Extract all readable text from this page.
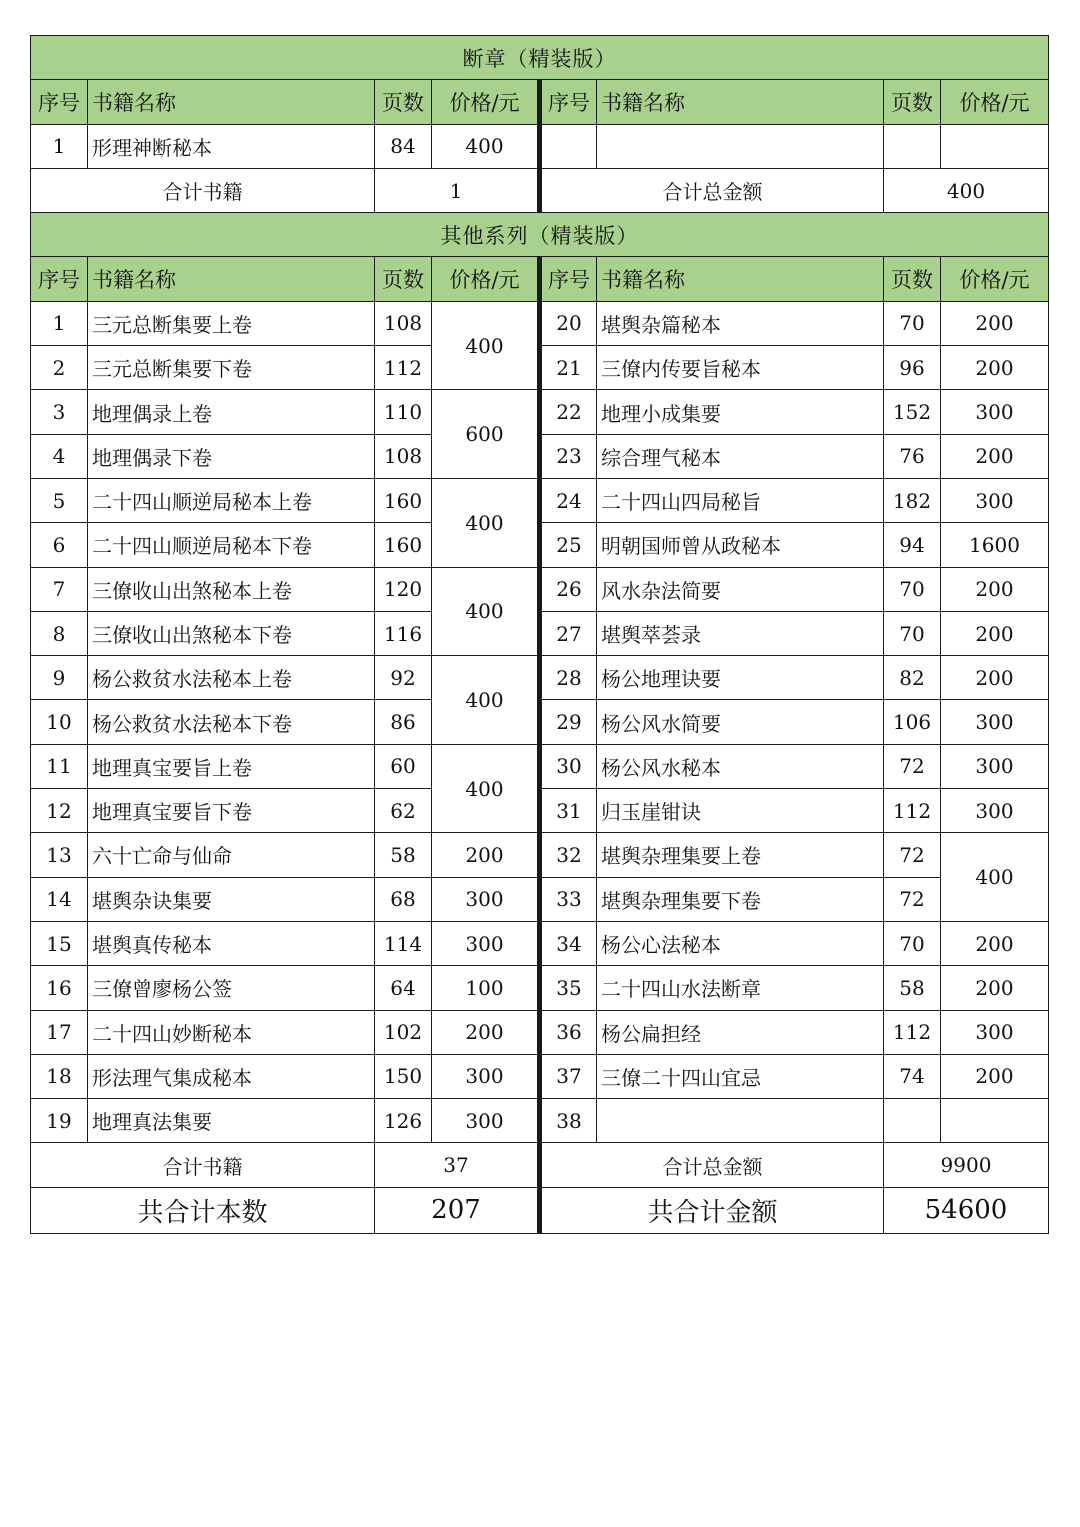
断章（精装版）							
序号	书籍名称	页数	价格/元	序号	书籍名称	页数	价格/元
1	形理神断秘本	84	400				
合计书籍		1		合计总金额		400	
其他系列（精装版）							
序号	书籍名称	页数	价格/元	序号	书籍名称	页数	价格/元
1	三元总断集要上卷	108	400	20	堪舆杂篇秘本	70	200
2	三元总断集要下卷	112		21	三僚内传要旨秘本	96	200
3	地理偶录上卷	110	600	22	地理小成集要	152	300
4	地理偶录下卷	108		23	综合理气秘本	76	200
5	二十四山顺逆局秘本上卷	160	400	24	二十四山四局秘旨	182	300
6	二十四山顺逆局秘本下卷	160		25	明朝国师曾从政秘本	94	1600
7	三僚收山出煞秘本上卷	120	400	26	风水杂法简要	70	200
8	三僚收山出煞秘本下卷	116		27	堪舆萃荟录	70	200
9	杨公救贫水法秘本上卷	92	400	28	杨公地理诀要	82	200
10	杨公救贫水法秘本下卷	86		29	杨公风水简要	106	300
11	地理真宝要旨上卷	60	400	30	杨公风水秘本	72	300
12	地理真宝要旨下卷	62		31	归玉崖钳诀	112	300
13	六十亡命与仙命	58	200	32	堪舆杂理集要上卷	72	400
14	堪舆杂诀集要	68	300	33	堪舆杂理集要下卷	72	
15	堪舆真传秘本	114	300	34	杨公心法秘本	70	200
16	三僚曾廖杨公签	64	100	35	二十四山水法断章	58	200
17	二十四山妙断秘本	102	200	36	杨公扁担经	112	300
18	形法理气集成秘本	150	300	37	三僚二十四山宜忌	74	200
19	地理真法集要	126	300	38			
合计书籍		37		合计总金额		9900	
共合计本数		207		共合计金额		54600	
